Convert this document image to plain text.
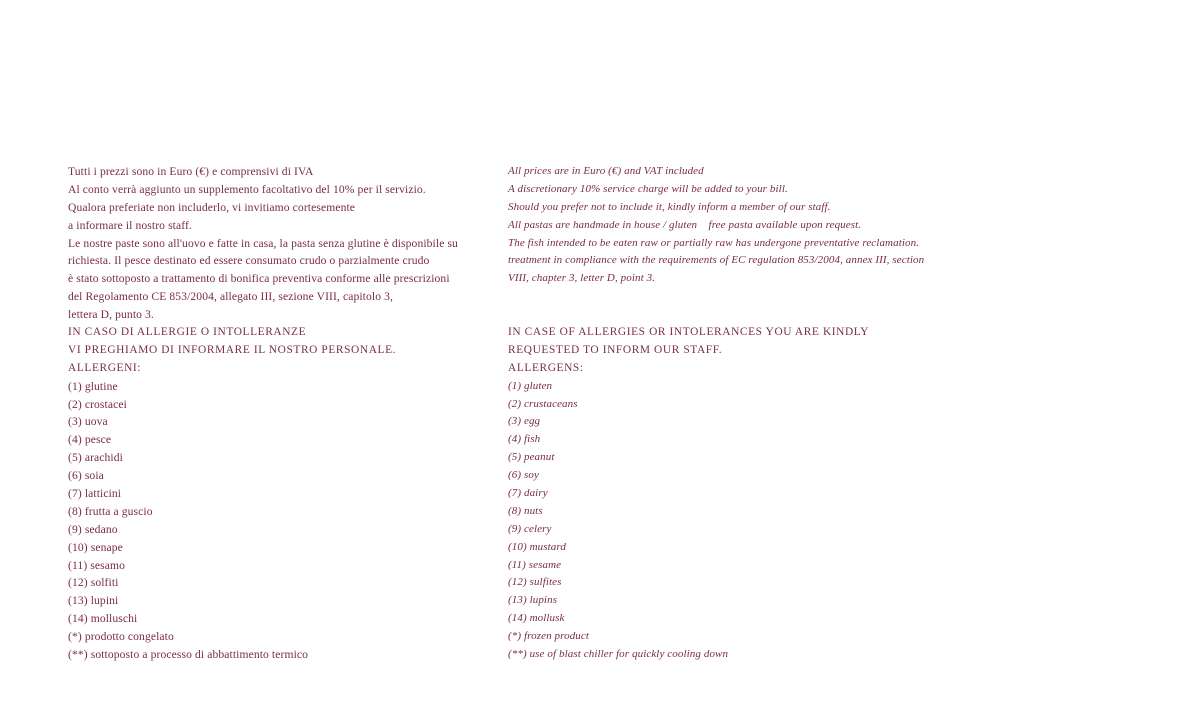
Tutti i prezzi sono in Euro (€) e comprensivi di IVA
Al conto verrà aggiunto un supplemento facoltativo del 10% per il servizio.
Qualora preferiate non includerlo, vi invitiamo cortesemente
a informare il nostro staff.
Le nostre paste sono all'uovo e fatte in casa, la pasta senza glutine è disponibile su
richiesta. Il pesce destinato ed essere consumato crudo o parzialmente crudo
è stato sottoposto a trattamento di bonifica preventiva conforme alle prescrizioni
del Regolamento CE 853/2004, allegato III, sezione VIII, capitolo 3,
lettera D, punto 3.
IN CASO DI ALLERGIE O INTOLLERANZE
VI PREGHIAMO DI INFORMARE IL NOSTRO PERSONALE.
ALLERGENI:
(1) glutine
(2) crostacei
(3) uova
(4) pesce
(5) arachidi
(6) soia
(7) latticini
(8) frutta a guscio
(9) sedano
(10) senape
(11) sesamo
(12) solfiti
(13) lupini
(14) molluschi
(*) prodotto congelato
(**) sottoposto a processo di abbattimento termico
All prices are in Euro (€) and VAT included
A discretionary 10% service charge will be added to your bill.
Should you prefer not to include it, kindly inform a member of our staff.
All pastas are handmade in house / gluten    free pasta available upon request.
The fish intended to be eaten raw or partially raw has undergone preventative reclamation.
treatment in compliance with the requirements of EC regulation 853/2004, annex III, section
VIII, chapter 3, letter D, point 3.
IN CASE OF ALLERGIES OR INTOLERANCES YOU ARE KINDLY
REQUESTED TO INFORM OUR STAFF.
ALLERGENS:
(1) gluten
(2) crustaceans
(3) egg
(4) fish
(5) peanut
(6) soy
(7) dairy
(8) nuts
(9) celery
(10) mustard
(11) sesame
(12) sulfites
(13) lupins
(14) mollusk
(*) frozen product
(**) use of blast chiller for quickly cooling down
